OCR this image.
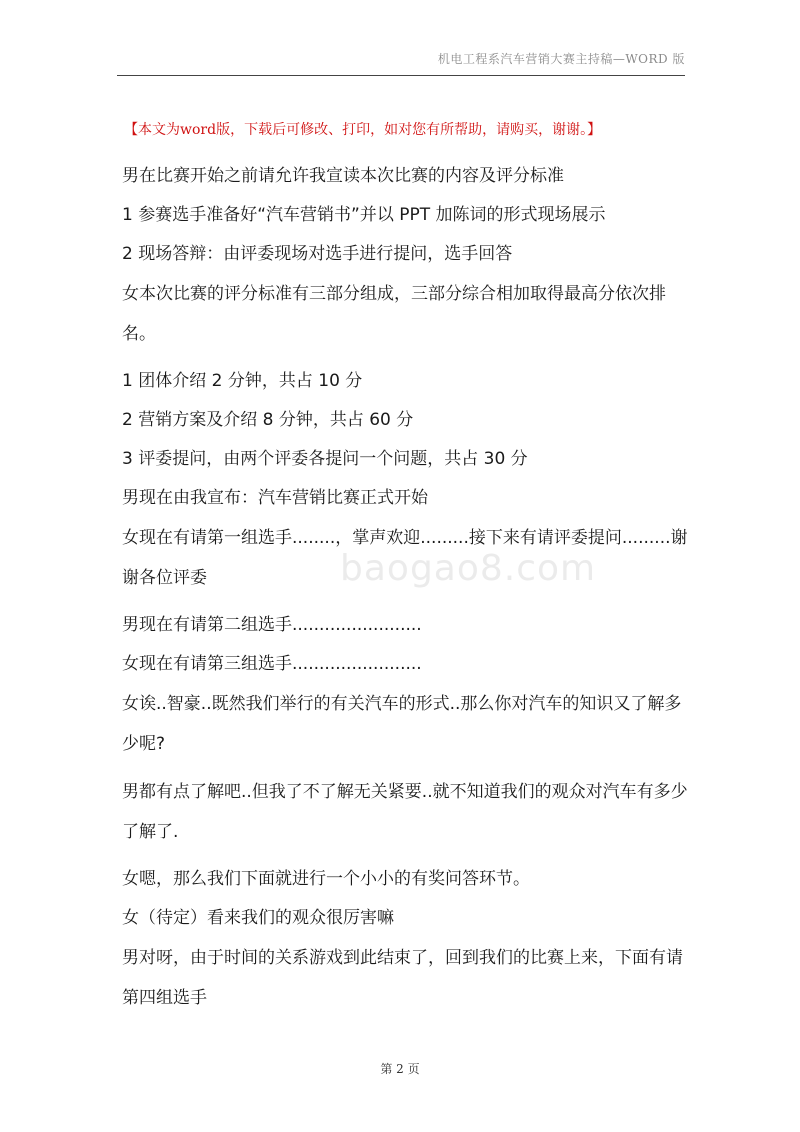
机电工程系汽车营销大赛主持稿—WORD 版
【本文为word版，下载后可修改、打印，如对您有所帮助，请购买，谢谢。】
baogao8.com
男在比赛开始之前请允许我宣读本次比赛的内容及评分标准
1 参赛选手准备好“汽车营销书”并以 PPT 加陈词的形式现场展示
2 现场答辩：由评委现场对选手进行提问，选手回答
女本次比赛的评分标准有三部分组成，三部分综合相加取得最高分依次排名。
1 团体介绍 2 分钟，共占 10 分
2 营销方案及介绍 8 分钟，共占 60 分
3 评委提问，由两个评委各提问一个问题，共占 30 分
男现在由我宣布：汽车营销比赛正式开始
女现在有请第一组选手........，掌声欢迎.........接下来有请评委提问.........谢谢各位评委
男现在有请第二组选手........................
女现在有请第三组选手........................
女诶..智豪..既然我们举行的有关汽车的形式..那么你对汽车的知识又了解多少呢?
男都有点了解吧..但我了不了解无关紧要..就不知道我们的观众对汽车有多少了解了.
女嗯，那么我们下面就进行一个小小的有奖问答环节。
女（待定）看来我们的观众很厉害嘛
男对呀，由于时间的关系游戏到此结束了，回到我们的比赛上来，下面有请第四组选手
第 2 页
